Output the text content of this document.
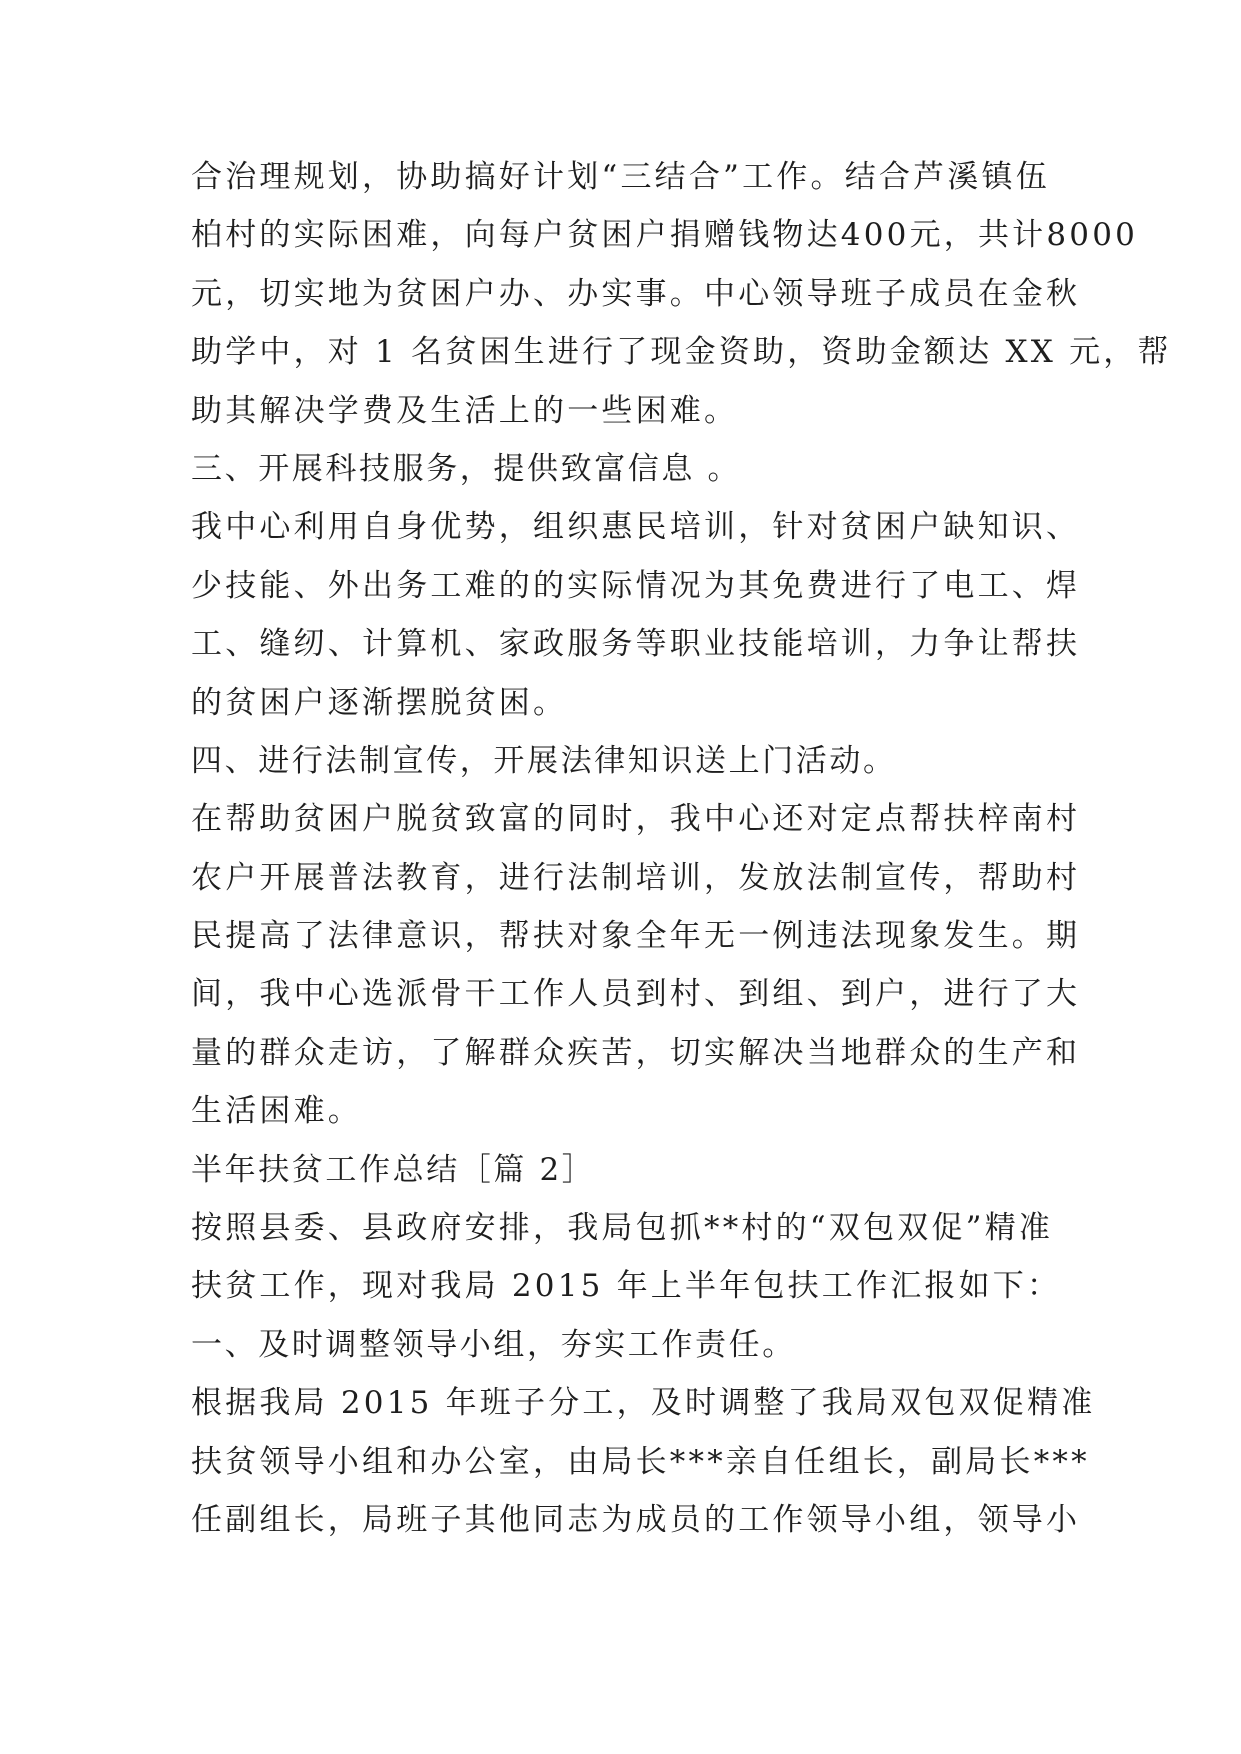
合治理规划，协助搞好计划“三结合”工作。结合芦溪镇伍
柏村的实际困难，向每户贫困户捐赠钱物达400元，共计8000
元，切实地为贫困户办、办实事。中心领导班子成员在金秋
助学中，对 1 名贫困生进行了现金资助，资助金额达 XX 元，帮
助其解决学费及生活上的一些困难。
三、开展科技服务，提供致富信息 。
我中心利用自身优势，组织惠民培训，针对贫困户缺知识、
少技能、外出务工难的的实际情况为其免费进行了电工、焊
工、缝纫、计算机、家政服务等职业技能培训，力争让帮扶
的贫困户逐渐摆脱贫困。
四、进行法制宣传，开展法律知识送上门活动。
在帮助贫困户脱贫致富的同时，我中心还对定点帮扶梓南村
农户开展普法教育，进行法制培训，发放法制宣传，帮助村
民提高了法律意识，帮扶对象全年无一例违法现象发生。期
间，我中心选派骨干工作人员到村、到组、到户，进行了大
量的群众走访，了解群众疾苦，切实解决当地群众的生产和
生活困难。
半年扶贫工作总结［篇 2］
按照县委、县政府安排，我局包抓**村的“双包双促”精准
扶贫工作，现对我局 2015 年上半年包扶工作汇报如下：
一、及时调整领导小组，夯实工作责任。
根据我局 2015 年班子分工，及时调整了我局双包双促精准
扶贫领导小组和办公室，由局长***亲自任组长，副局长***
任副组长，局班子其他同志为成员的工作领导小组，领导小
